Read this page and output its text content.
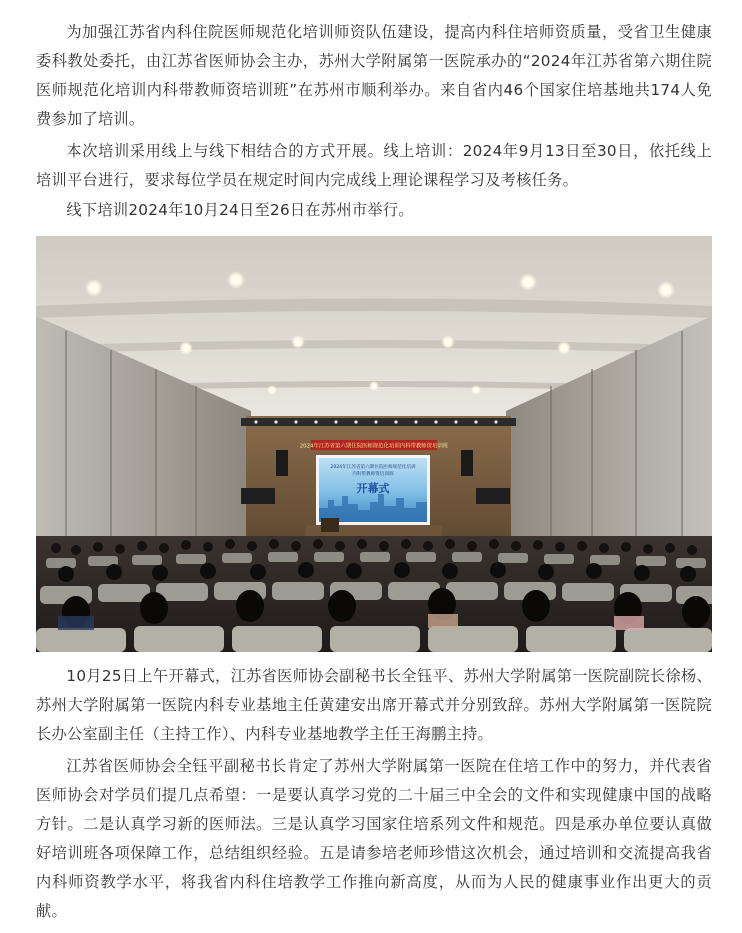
为加强江苏省内科住院医师规范化培训师资队伍建设，提高内科住培师资质量，受省卫生健康委科教处委托，由江苏省医师协会主办，苏州大学附属第一医院承办的“2024年江苏省第六期住院医师规范化培训内科带教师资培训班”在苏州市顺利举办。来自省内46个国家住培基地共174人免费参加了培训。

本次培训采用线上与线下相结合的方式开展。线上培训：2024年9月13日至30日，依托线上培训平台进行，要求每位学员在规定时间内完成线上理论课程学习及考核任务。

线下培训2024年10月24日至26日在苏州市举行。

10月25日上午开幕式，江苏省医师协会副秘书长全钰平、苏州大学附属第一医院副院长徐杨、苏州大学附属第一医院内科专业基地主任黄建安出席开幕式并分别致辞。苏州大学附属第一医院院长办公室副主任（主持工作）、内科专业基地教学主任王海鹏主持。

江苏省医师协会全钰平副秘书长肯定了苏州大学附属第一医院在住培工作中的努力，并代表省医师协会对学员们提几点希望：一是要认真学习党的二十届三中全会的文件和实现健康中国的战略方针。二是认真学习新的医师法。三是认真学习国家住培系列文件和规范。四是承办单位要认真做好培训班各项保障工作，总结组织经验。五是请参培老师珍惜这次机会，通过培训和交流提高我省内科师资教学水平，将我省内科住培教学工作推向新高度，从而为人民的健康事业作出更大的贡献。

2024年江苏省第六期住院医师规范化培训内科带教师资培训班
2024年江苏省第六期住院医师规范化培训
内科带教师资培训班
开幕式
